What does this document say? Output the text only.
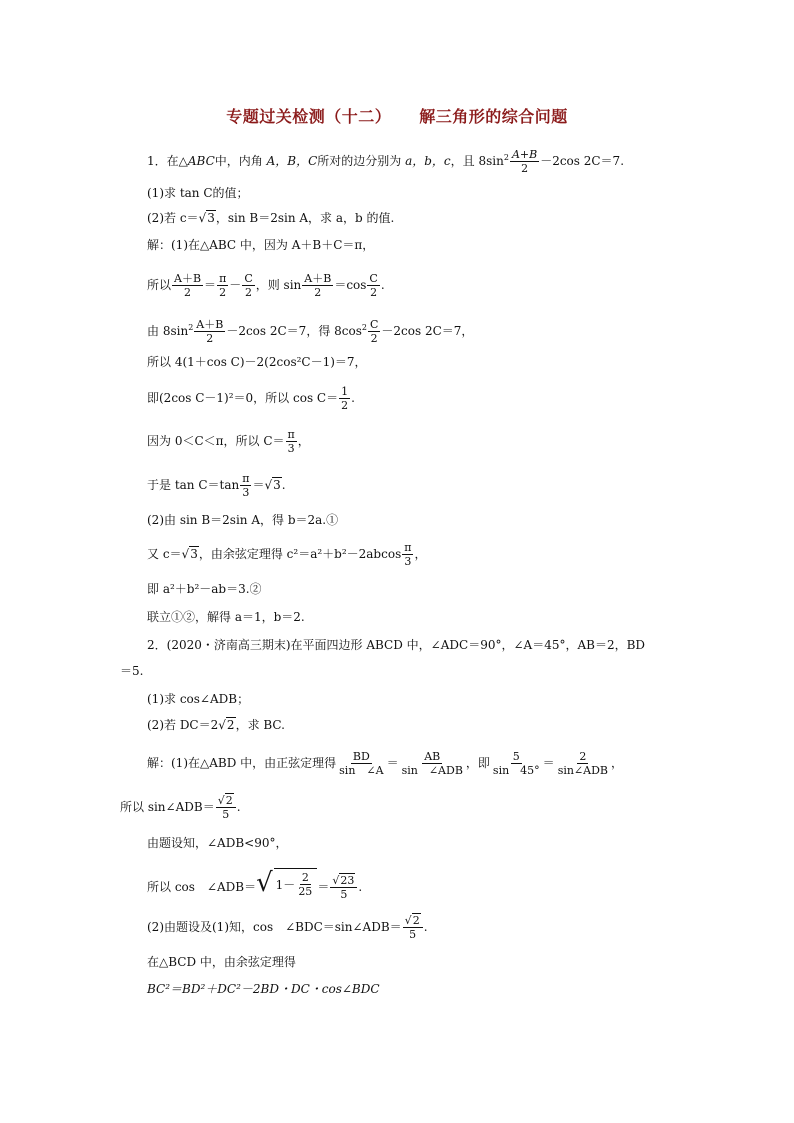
专题过关检测（十二） 解三角形的综合问题
1．在△ABC中，内角 A，B，C所对的边分别为 a，b，c，且 $8\sin^2 \frac{A+B}{2} -2\cos$ 2C＝7.
(1)求 tan C的值；
(2)若 c＝√3，sin B＝2sin A，求 a，b 的值.
解：(1)在△ABC 中，因为 A＋B＋C＝π，
所以 $\frac{A+B}{2} = \frac{\pi}{2} - \frac{C}{2}$ ，则 $\sin \frac{A+B}{2} =\cos \frac{C}{2}$ .
由 $8\sin^2 \frac{A+B}{2} -2\cos$ 2C＝7，得 $8\cos^2 \frac{C}{2} -2\cos$ 2C＝7，
所以 4(1＋cos C)－2(2cos²C－1)＝7，
即(2cos C－1)²＝0，所以 $\cos C= \frac{1}{2}$ .
因为 0＜C＜π，所以 $C= \frac{\pi}{3}$ ，
于是 $\tan C=\tan \frac{\pi}{3} =√3$.
(2)由 sin B＝2sin A，得 b＝2a.①
又 c＝√3，由余弦定理得 $c^2=a^2+b^2-2abcos \frac{\pi}{3}$ ，
即 a²＋b²－ab＝3.②
联立①②，解得 a＝1，b＝2.
2．(2020・济南高三期末)在平面四边形 ABCD 中，∠ADC＝90°，∠A＝45°，AB＝2，BD
＝5.
(1)求 cos∠ADB；
(2)若 DC＝2√2，求 BC.
解：(1)在△ABD 中，由正弦定理得 $\frac{BD}{\sin \angle A} = \frac{AB}{\text{sin　∠ADB}}$ ，即 $\frac{5}{\sin 45^\circ} = \frac{2}{\text{sin∠ADB}}$ ，
所以 sin∠ADB＝ $\frac{√2}{5}$ .
由题设知，∠ADB<90°，
所以 cos　∠ADB＝ √ $1- \frac{2}{25} = \frac{√23}{5}$ .
(2)由题设及(1)知，cos　∠BDC＝sin∠ADB＝ $\frac{√2}{5}$ .
在△BCD 中，由余弦定理得
BC²＝BD²＋DC²－2BD・DC・cos∠BDC
